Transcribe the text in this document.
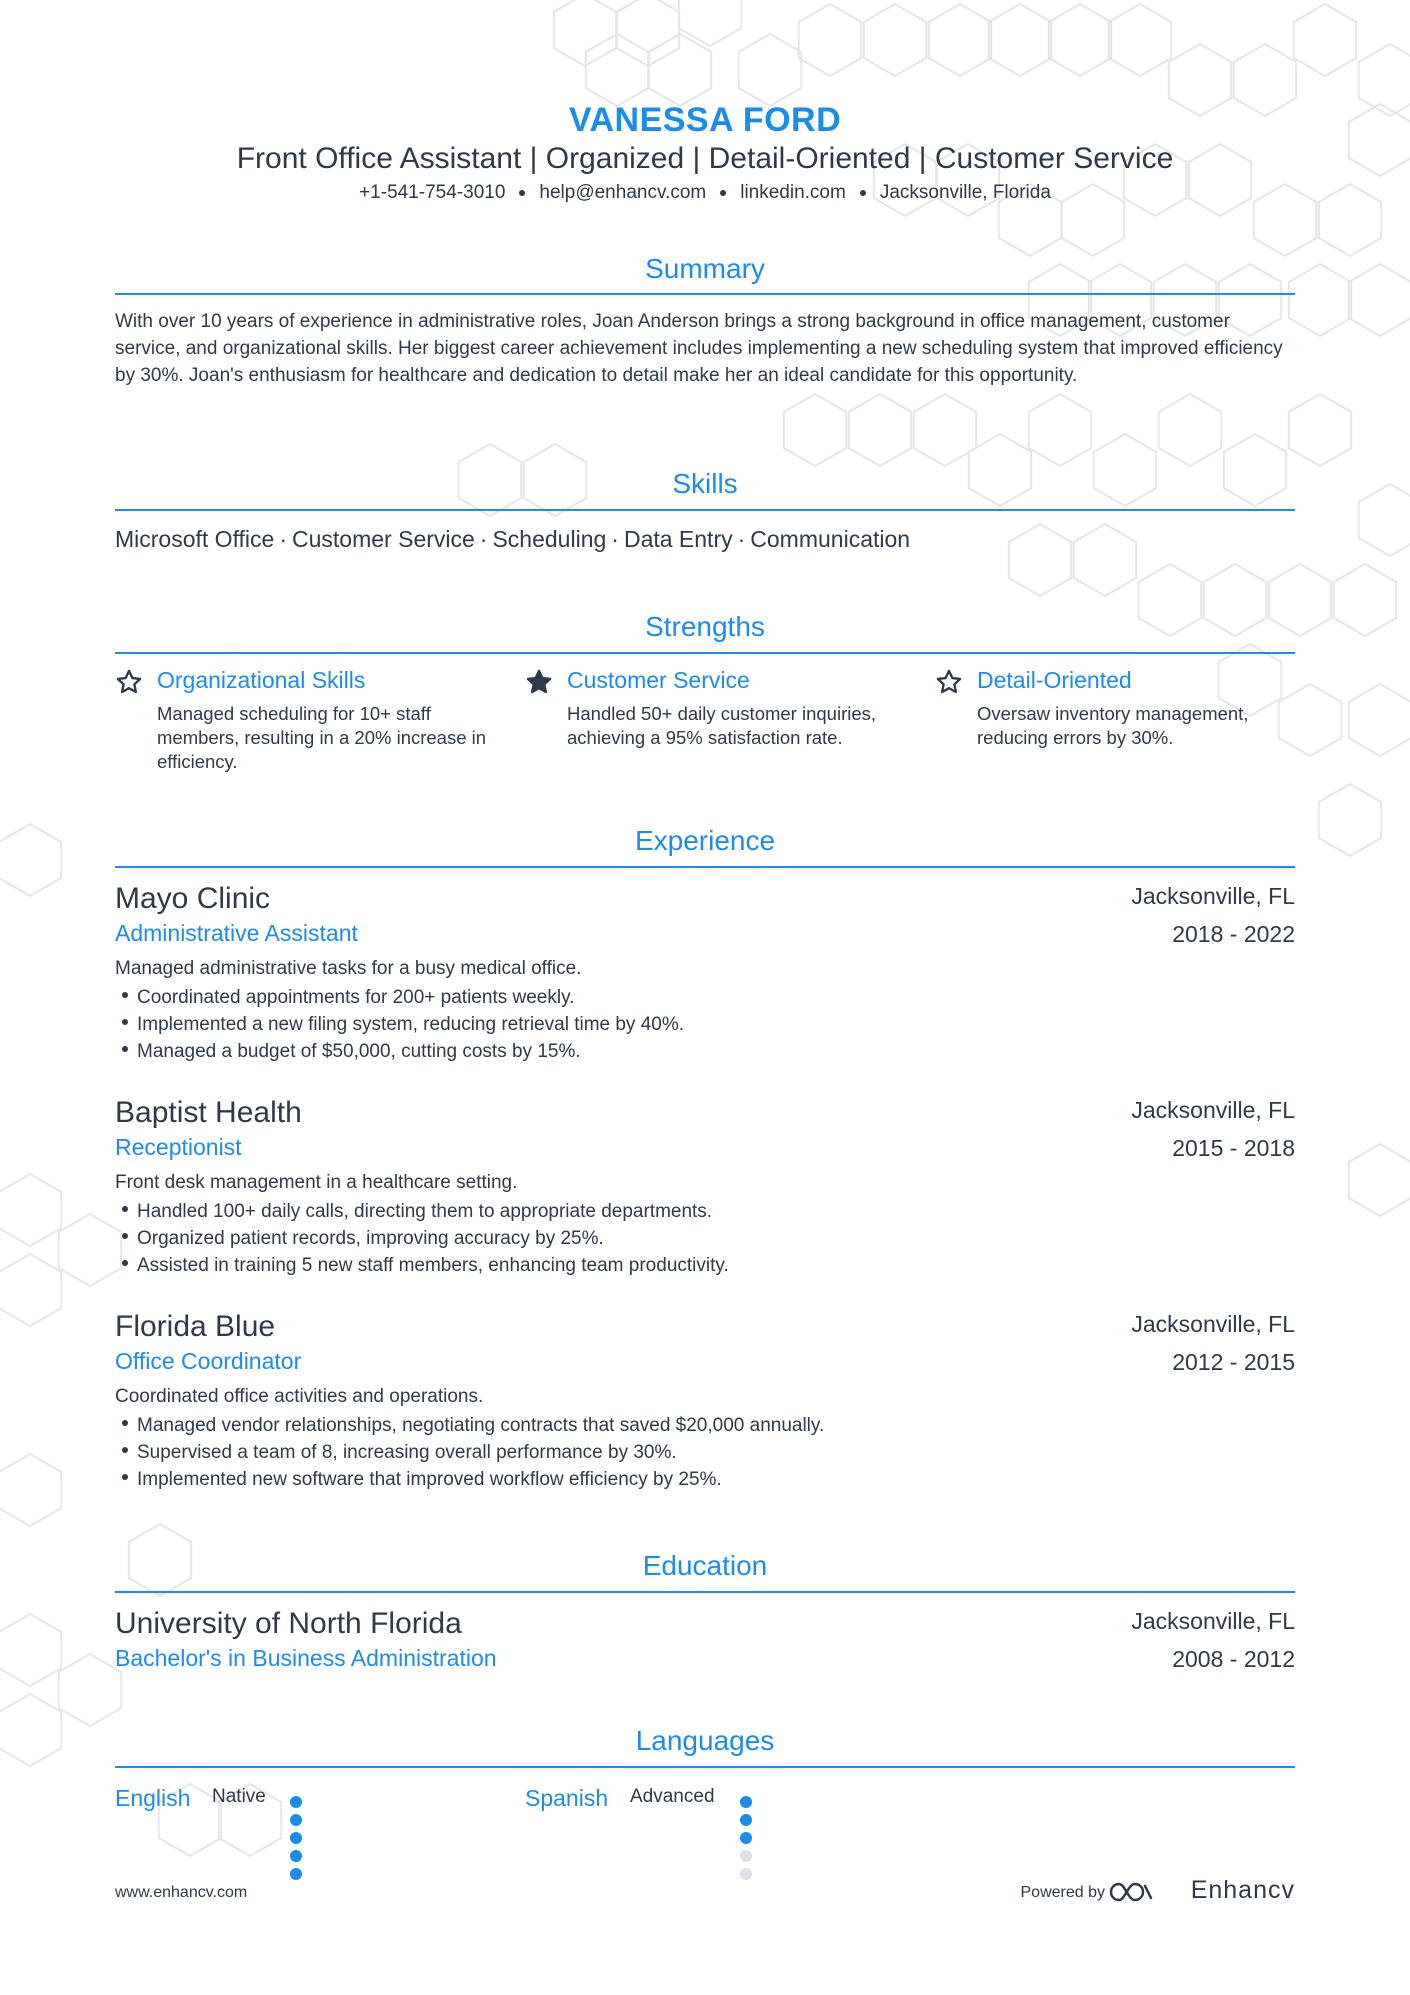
VANESSA FORD
Front Office Assistant | Organized | Detail-Oriented | Customer Service
+1-541-754-3010 help@enhancv.com linkedin.com Jacksonville, Florida
Summary
With over 10 years of experience in administrative roles, Joan Anderson brings a strong background in office management, customer service, and organizational skills. Her biggest career achievement includes implementing a new scheduling system that improved efficiency by 30%. Joan's enthusiasm for healthcare and dedication to detail make her an ideal candidate for this opportunity.
Skills
Microsoft Office · Customer Service · Scheduling · Data Entry · Communication
Strengths
Organizational Skills
Managed scheduling for 10+ staff members, resulting in a 20% increase in efficiency.
Customer Service
Handled 50+ daily customer inquiries, achieving a 95% satisfaction rate.
Detail-Oriented
Oversaw inventory management, reducing errors by 30%.
Experience
Mayo Clinic
Administrative Assistant
Jacksonville, FL
2018 - 2022
Managed administrative tasks for a busy medical office.
Coordinated appointments for 200+ patients weekly.
Implemented a new filing system, reducing retrieval time by 40%.
Managed a budget of $50,000, cutting costs by 15%.
Baptist Health
Receptionist
Jacksonville, FL
2015 - 2018
Front desk management in a healthcare setting.
Handled 100+ daily calls, directing them to appropriate departments.
Organized patient records, improving accuracy by 25%.
Assisted in training 5 new staff members, enhancing team productivity.
Florida Blue
Office Coordinator
Jacksonville, FL
2012 - 2015
Coordinated office activities and operations.
Managed vendor relationships, negotiating contracts that saved $20,000 annually.
Supervised a team of 8, increasing overall performance by 30%.
Implemented new software that improved workflow efficiency by 25%.
Education
University of North Florida
Bachelor's in Business Administration
Jacksonville, FL
2008 - 2012
Languages
English Native	Spanish Advanced
www.enhancv.com	Powered by	Enhancv
